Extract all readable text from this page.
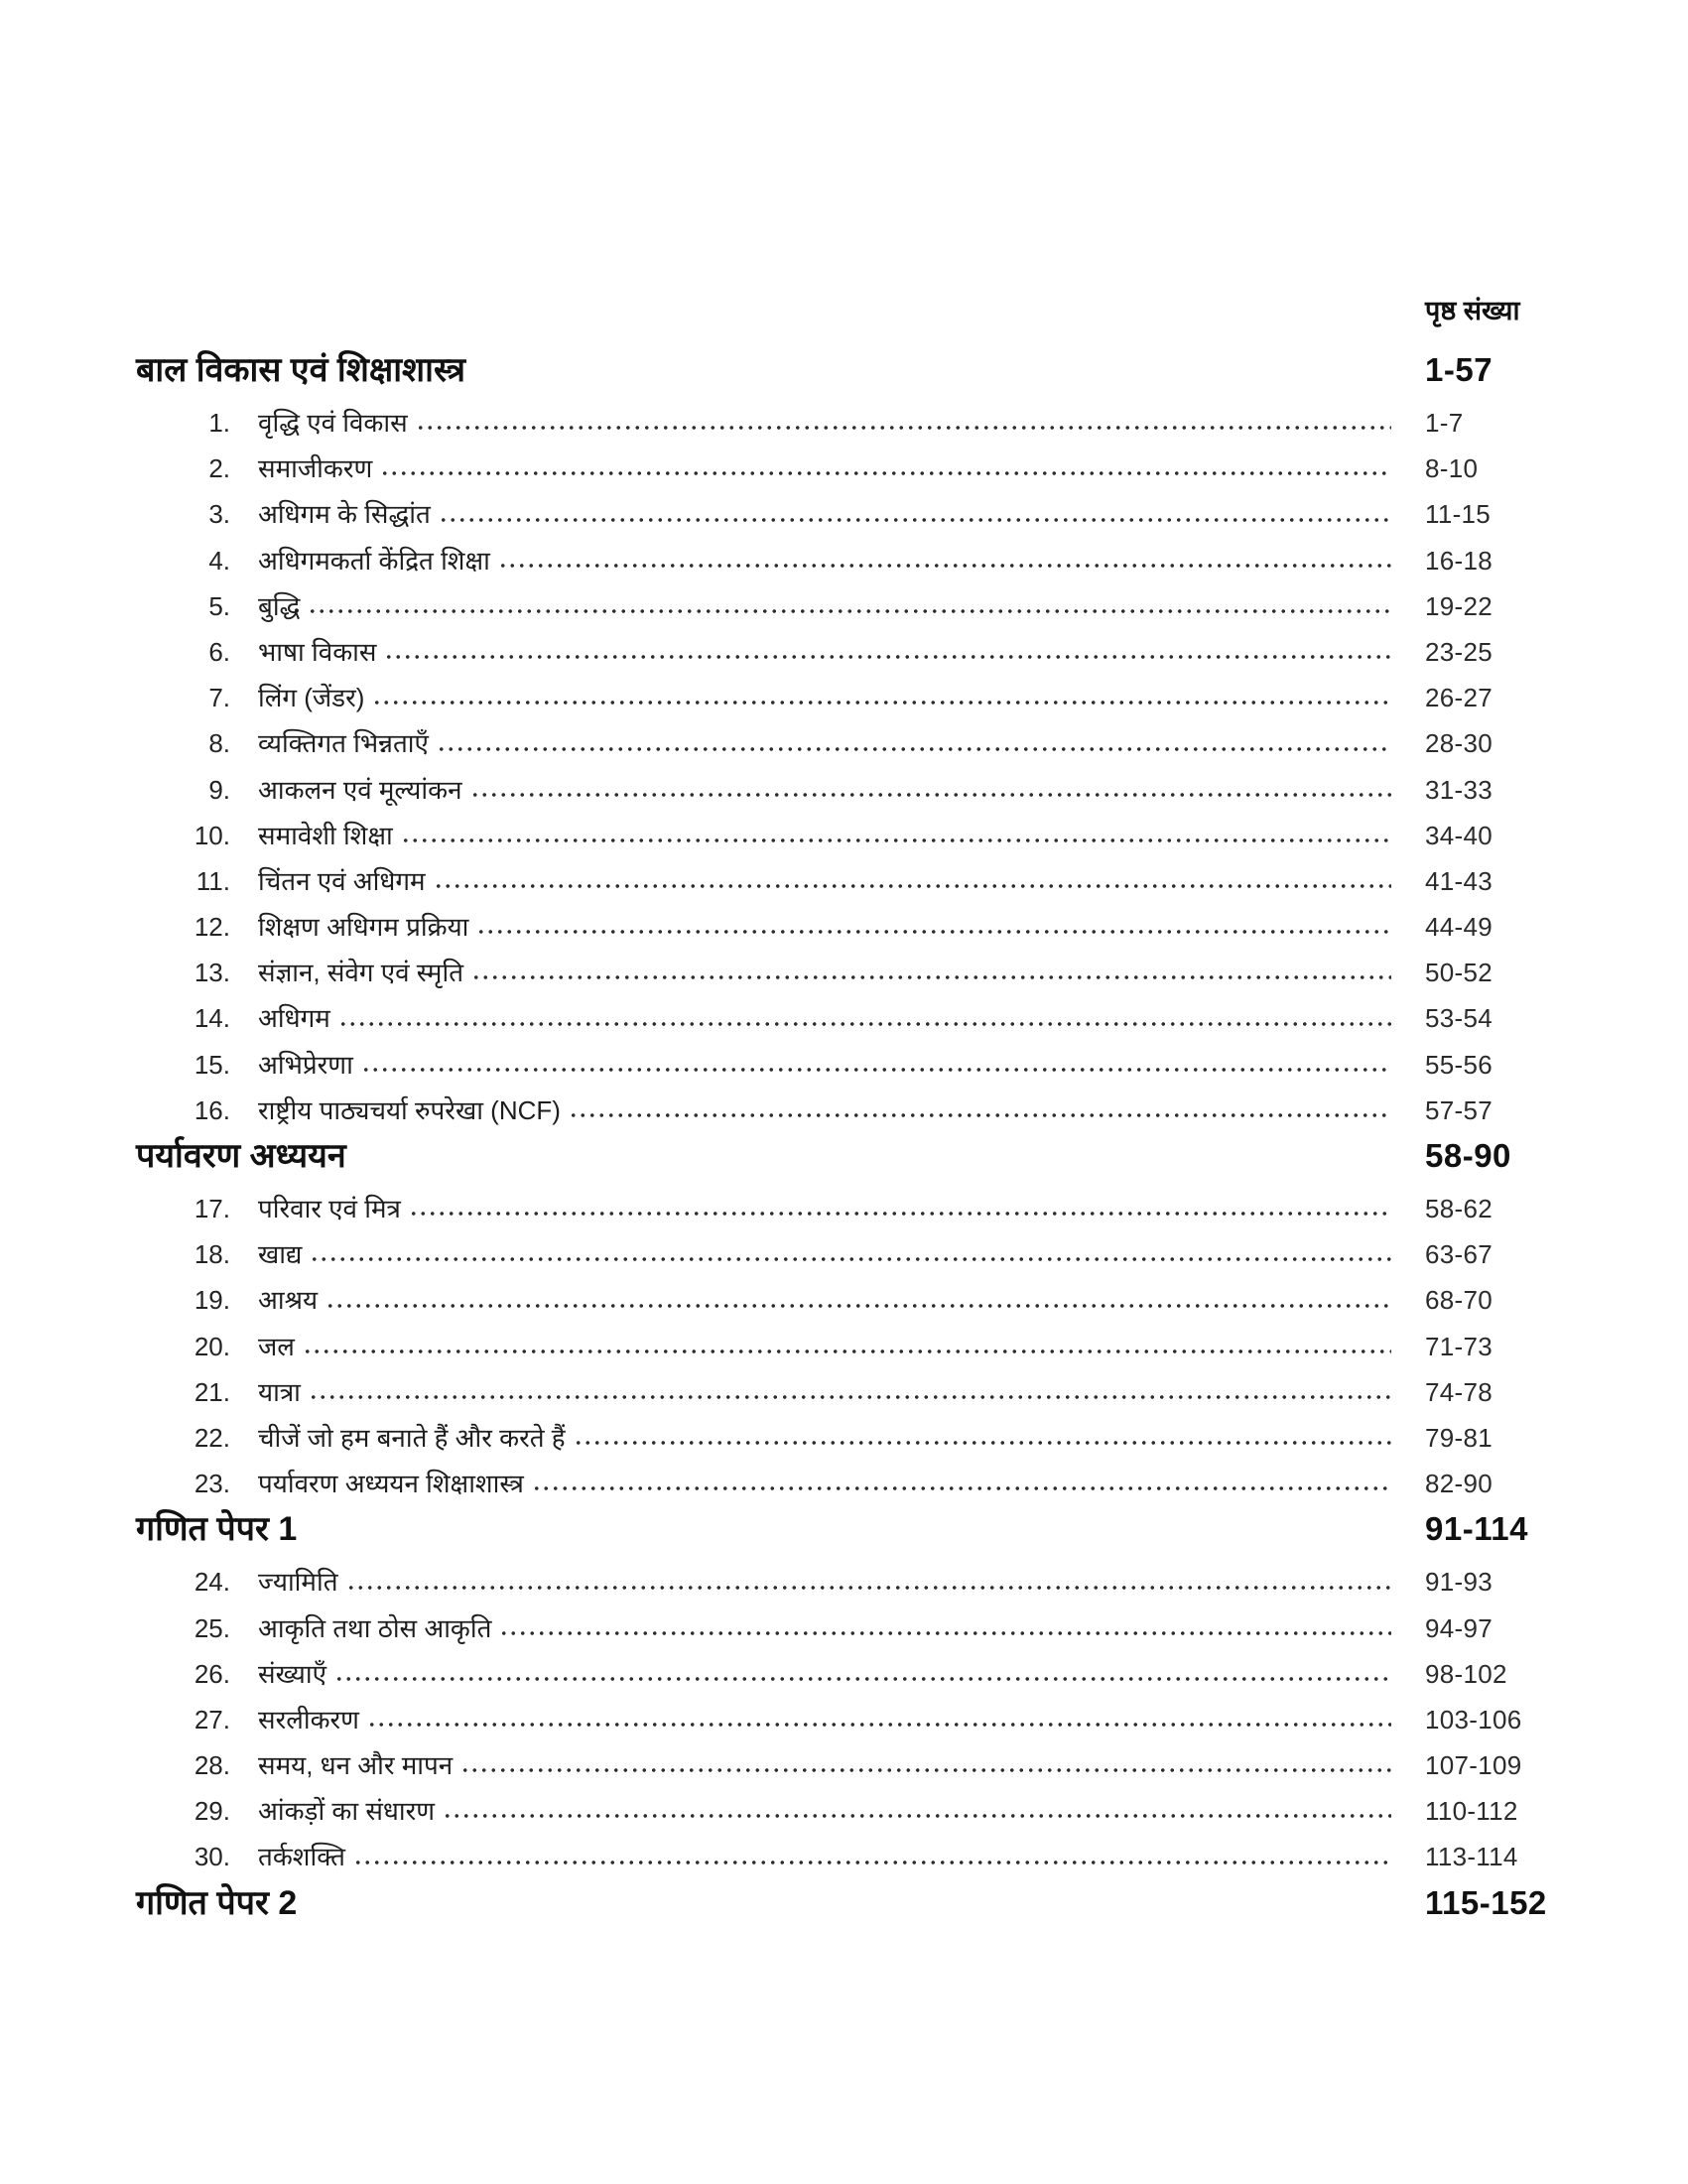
पृष्ठ संख्या
बाल विकास एवं शिक्षाशास्त्र	1-57
1. वृद्धि एवं विकास	1-7
2. समाजीकरण	8-10
3. अधिगम के सिद्धांत	11-15
4. अधिगमकर्ता केंद्रित शिक्षा	16-18
5. बुद्धि	19-22
6. भाषा विकास	23-25
7. लिंग (जेंडर)	26-27
8. व्यक्तिगत भिन्नताएँ	28-30
9. आकलन एवं मूल्यांकन	31-33
10. समावेशी शिक्षा	34-40
11. चिंतन एवं अधिगम	41-43
12. शिक्षण अधिगम प्रक्रिया	44-49
13. संज्ञान, संवेग एवं स्मृति	50-52
14. अधिगम	53-54
15. अभिप्रेरणा	55-56
16. राष्ट्रीय पाठ्यचर्या रुपरेखा (NCF)	57-57
पर्यावरण अध्ययन	58-90
17. परिवार एवं मित्र	58-62
18. खाद्य	63-67
19. आश्रय	68-70
20. जल	71-73
21. यात्रा	74-78
22. चीजें जो हम बनाते हैं और करते हैं	79-81
23. पर्यावरण अध्ययन शिक्षाशास्त्र	82-90
गणित पेपर 1	91-114
24. ज्यामिति	91-93
25. आकृति तथा ठोस आकृति	94-97
26. संख्याएँ	98-102
27. सरलीकरण	103-106
28. समय, धन और मापन	107-109
29. आंकड़ों का संधारण	110-112
30. तर्कशक्ति	113-114
गणित पेपर 2	115-152
